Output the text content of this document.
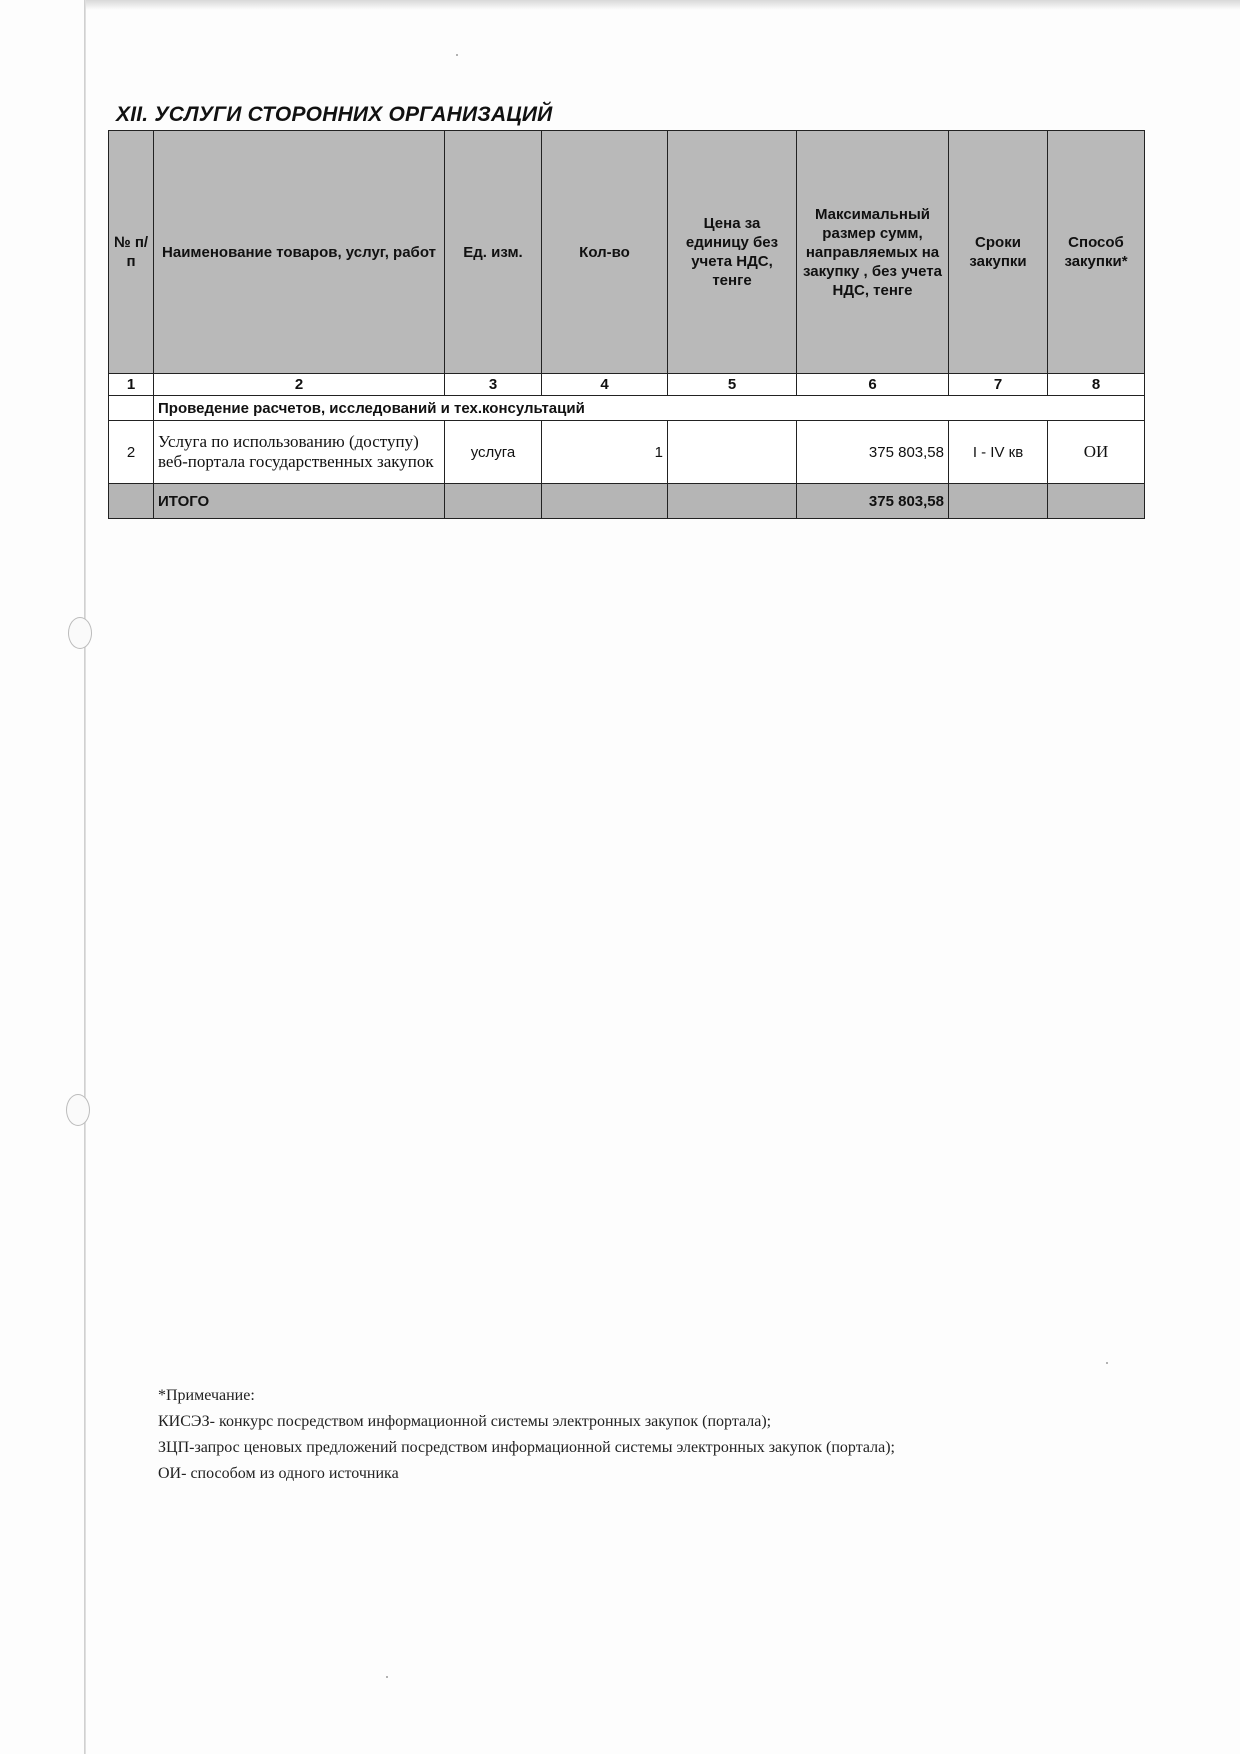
XII. УСЛУГИ СТОРОННИХ ОРГАНИЗАЦИЙ
№ п/п	Наименование товаров, услуг, работ	Ед. изм.	Кол-во	Цена за единицу без учета НДС, тенге	Максимальный размер сумм, направляемых на закупку , без учета НДС, тенге	Сроки закупки	Способ закупки*
1	2	3	4	5	6	7	8
	Проведение расчетов, исследований и тех.консультаций						
2	Услуга по использованию (доступу) веб-портала государственных закупок	услуга	1		375 803,58	I - IV кв	ОИ
	ИТОГО				375 803,58		
*Примечание:
КИСЭЗ- конкурс посредством информационной системы электронных закупок (портала);
ЗЦП-запрос ценовых предложений посредством информационной системы электронных закупок (портала);
ОИ- способом из одного источника
